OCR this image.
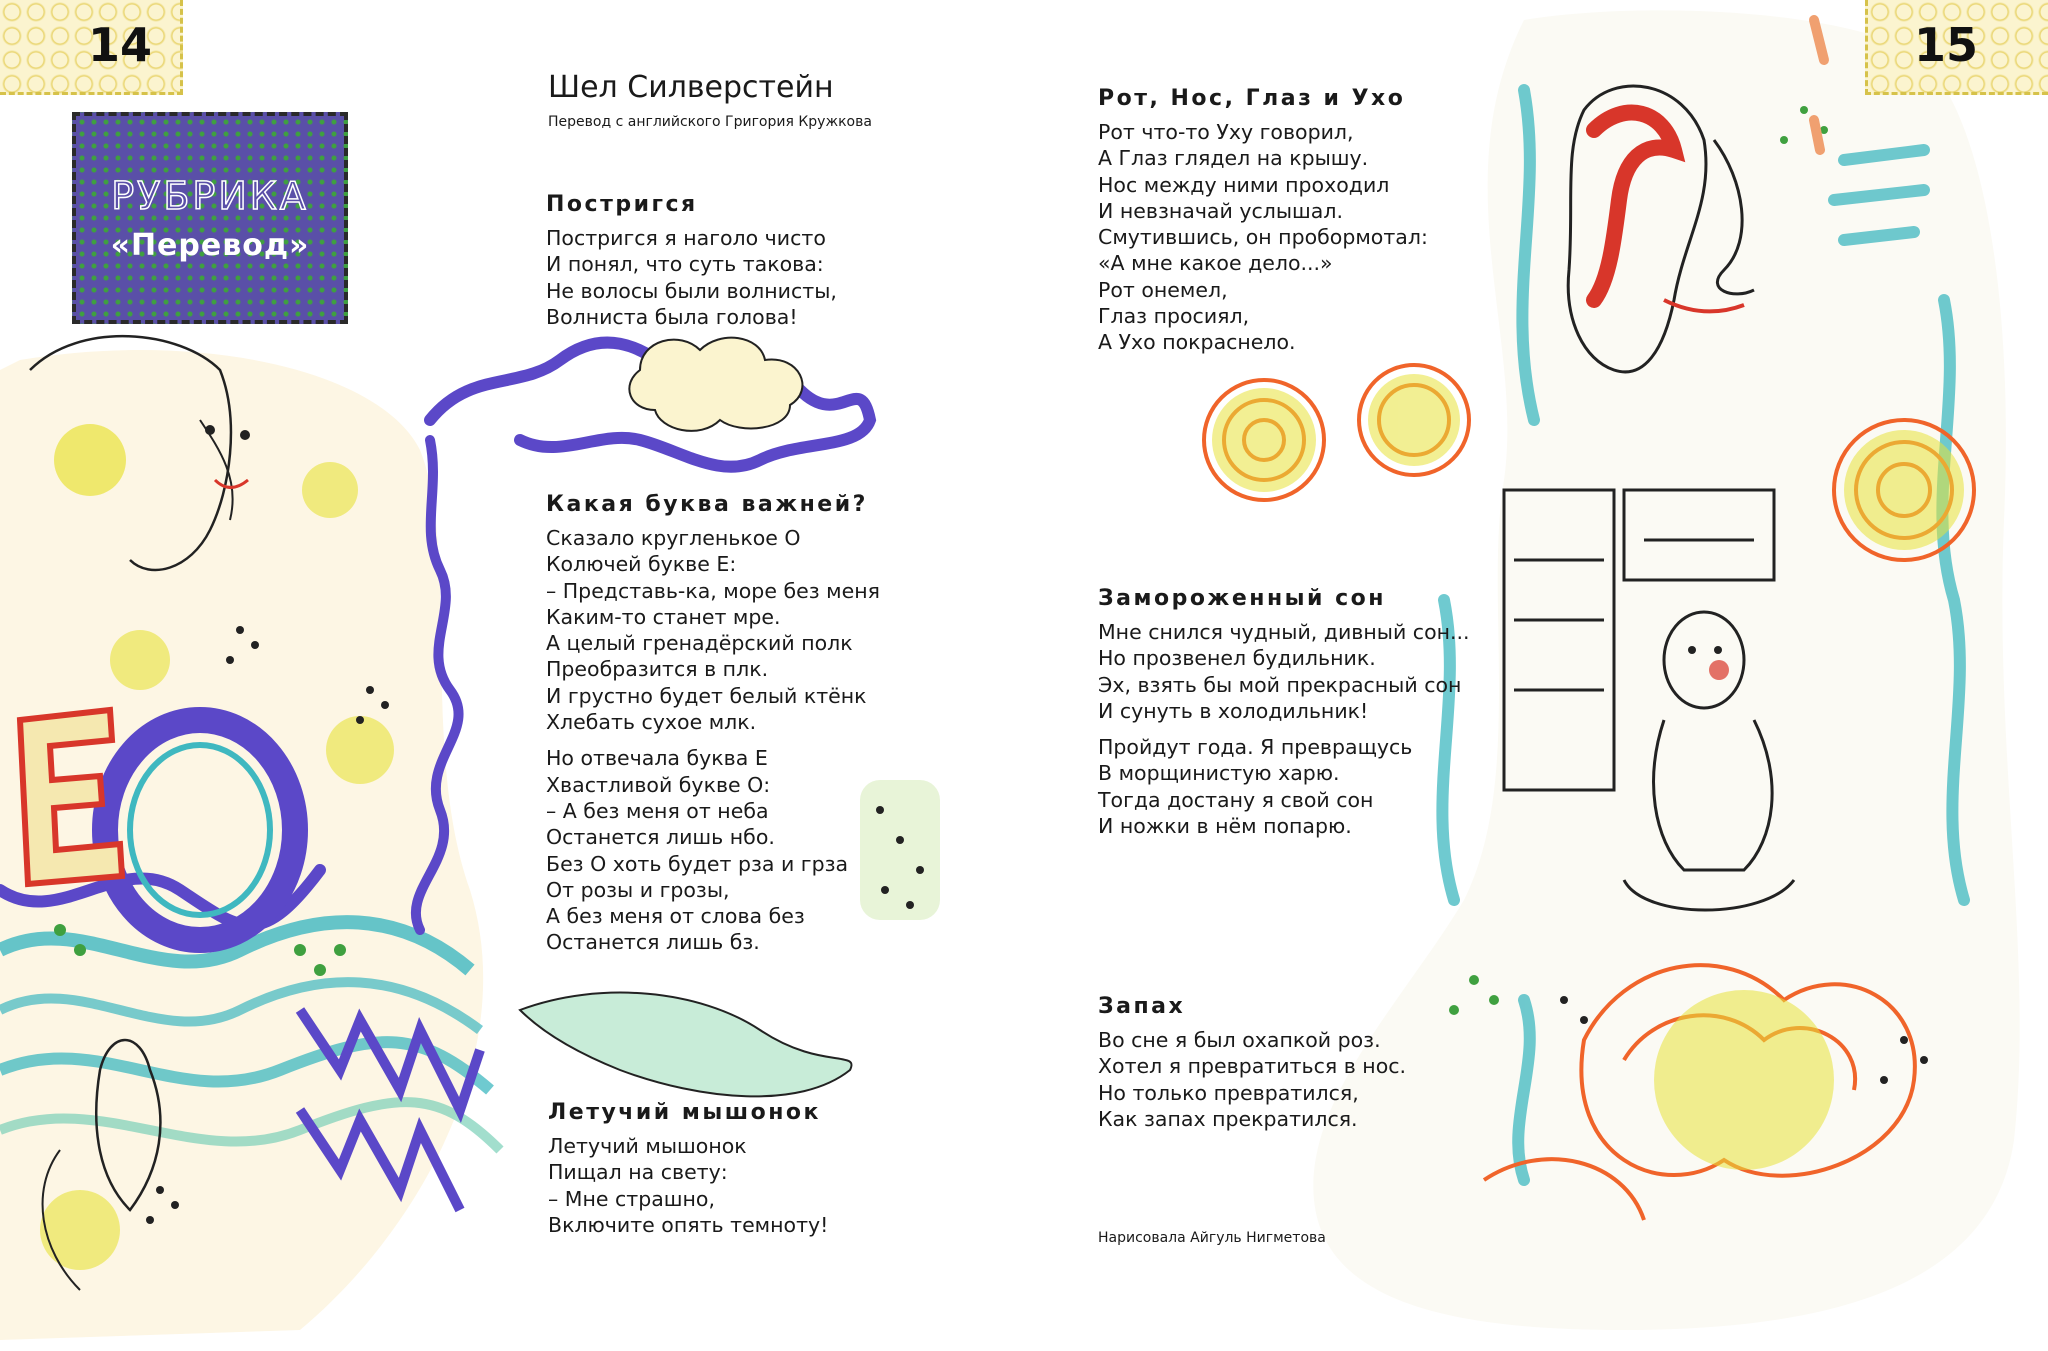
14
РУБРИКА
«Перевод»
Шел Силверстейн
Перевод с английского Григория Кружкова
Постригся
Постригся я наголо чисто
И понял, что суть такова:
Не волосы были волнисты,
Волниста была голова!
Какая буква важней?
Сказало кругленькое О
Колючей букве Е:
– Представь-ка, море без меня
Каким-то станет мре.
А целый гренадёрский полк
Преобразится в плк.
И грустно будет белый ктёнк
Хлебать сухое млк.
Но отвечала буква Е
Хвастливой букве О:
– А без меня от неба
Останется лишь нбо.
Без О хоть будет рза и грза
От розы и грозы,
А без меня от слова без
Останется лишь бз.
Летучий мышонок
Летучий мышонок
Пищал на свету:
– Мне страшно,
Включите опять темноту!
15
Рот, Нос, Глаз и Ухо
Рот что-то Уху говорил,
А Глаз глядел на крышу.
Нос между ними проходил
И невзначай услышал.
Смутившись, он пробормотал:
«А мне какое дело...»
Рот онемел,
Глаз просиял,
А Ухо покраснело.
Замороженный сон
Мне снился чудный, дивный сон...
Но прозвенел будильник.
Эх, взять бы мой прекрасный сон
И сунуть в холодильник!
Пройдут года. Я превращусь
В морщинистую харю.
Тогда достану я свой сон
И ножки в нём попарю.
Запах
Во сне я был охапкой роз.
Хотел я превратиться в нос.
Но только превратился,
Как запах прекратился.
Нарисовала Айгуль Нигметова
